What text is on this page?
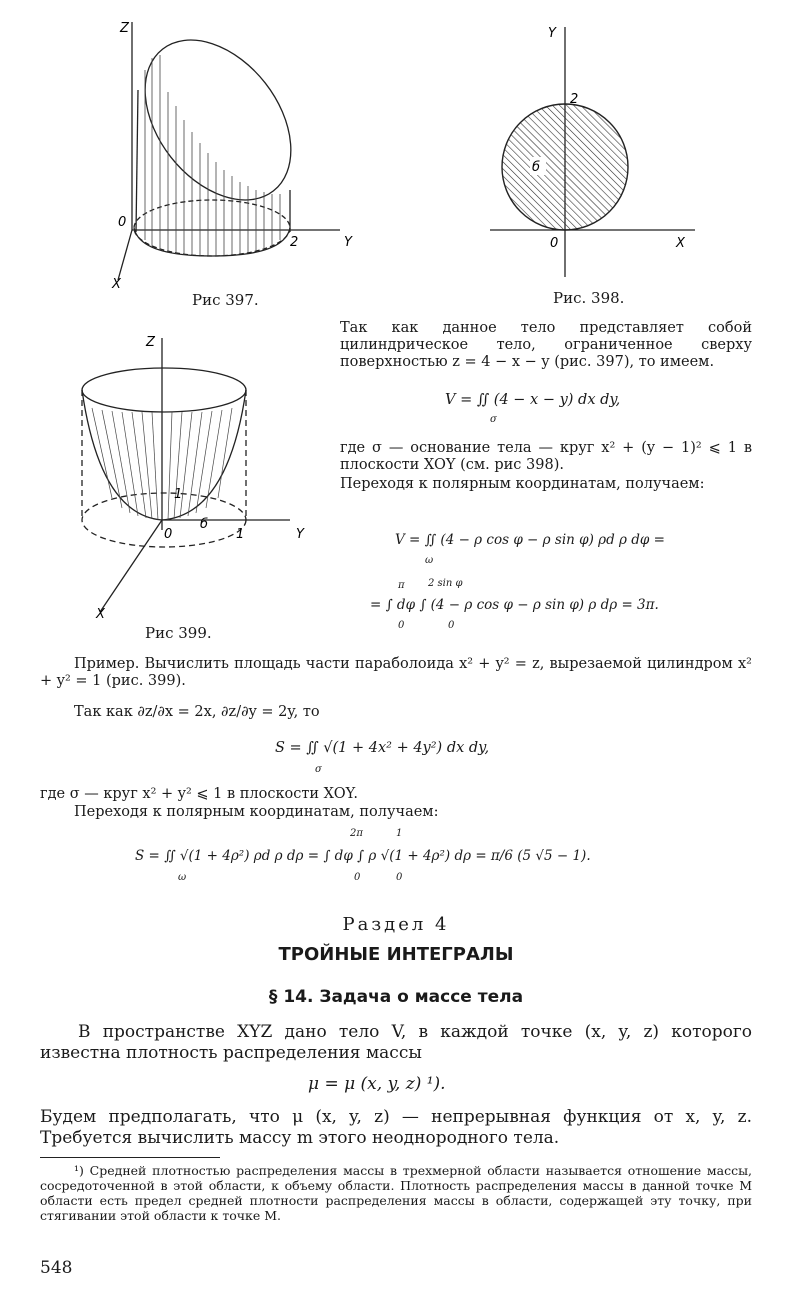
Z
Y
X
0
2
Рис 397.
б
Y
X
0
2
Рис. 398.
Z
Y
X
0	1
1
б
Рис 399.
Так как данное тело представляет собой цилиндрическое тело, ограниченное сверху поверхностью z = 4 − x − y (рис. 397), то имеем.
V = ∬ (4 − x − y) dx dy,
σ
где σ — основание тела — круг x² + (y − 1)² ⩽ 1 в плоскости XOY (см. рис 398).
Переходя к полярным координатам, получаем:
V = ∬ (4 − ρ cos φ − ρ sin φ) ρd ρ dφ =
ω
π 2 sin φ
= ∫ dφ ∫ (4 − ρ cos φ − ρ sin φ) ρ dρ = 3π.
0	0
Пример. Вычислить площадь части параболоида x² + y² = z, вырезаемой цилиндром x² + y² = 1 (рис. 399).
Так как ∂z/∂x = 2x, ∂z/∂y = 2y, то
S = ∬ √(1 + 4x² + 4y²) dx dy,
σ
где σ — круг x² + y² ⩽ 1 в плоскости XOY.
Переходя к полярным координатам, получаем:
2π	1
S = ∬ √(1 + 4ρ²) ρd ρ dρ = ∫ dφ ∫ ρ √(1 + 4ρ²) dρ = π/6 (5 √5 − 1).
ω	0	0
Раздел 4
ТРОЙНЫЕ ИНТЕГРАЛЫ
§ 14. Задача о массе тела
В пространстве XYZ дано тело V, в каждой точке (x, y, z) которого известна плотность распределения массы
μ = μ (x, y, z) ¹).
Будем предполагать, что μ (x, y, z) — непрерывная функция от x, y, z. Требуется вычислить массу m этого неоднородного тела.
¹) Средней плотностью распределения массы в трехмерной области называется отношение массы, сосредоточенной в этой области, к объему области. Плотность распределения массы в данной точке M области есть предел средней плотности распределения массы в области, содержащей эту точку, при стягивании этой области к точке M.
548
